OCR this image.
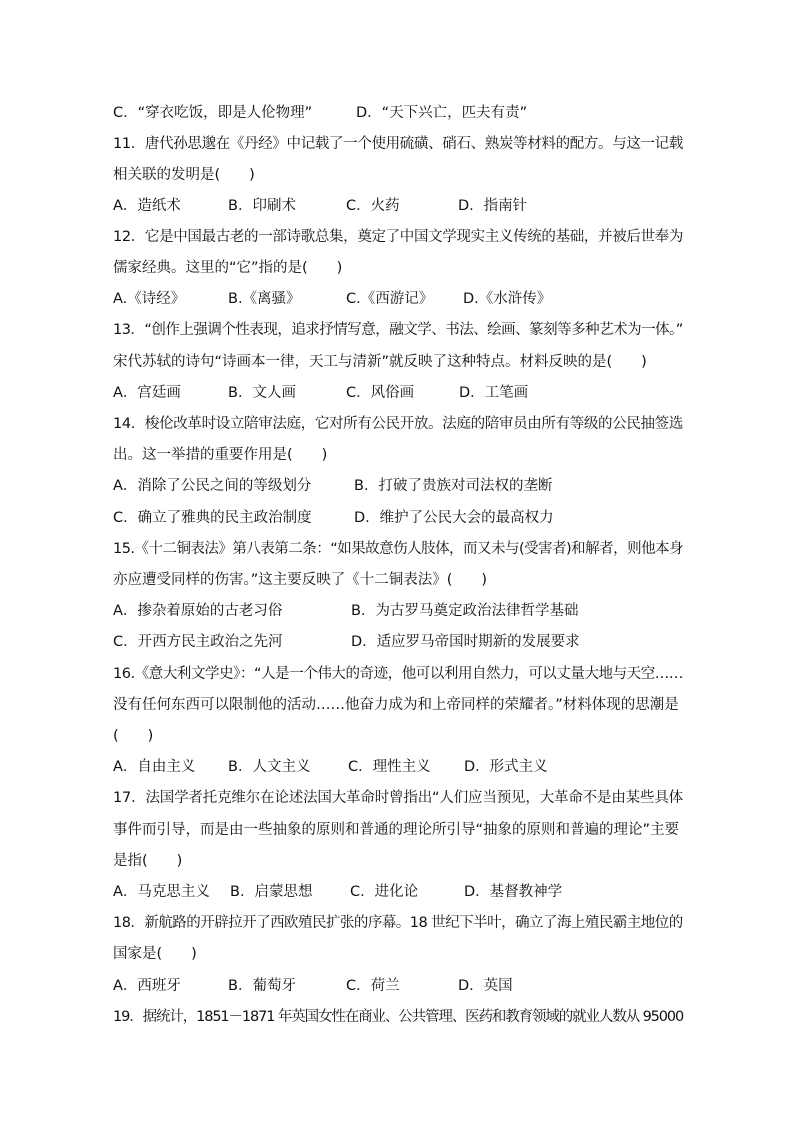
C．“穿衣吃饭，即是人伦物理”	D．“天下兴亡，匹夫有责”
11．唐代孙思邈在《丹经》中记载了一个使用硫磺、硝石、熟炭等材料的配方。与这一记载
相关联的发明是(　　)
A．造纸术	B．印刷术	C．火药	D．指南针
12．它是中国最古老的一部诗歌总集，奠定了中国文学现实主义传统的基础，并被后世奉为
儒家经典。这里的“它”指的是(　　)
A.《诗经》	B.《离骚》	C.《西游记》 D.《水浒传》
13．“创作上强调个性表现，追求抒情写意，融文学、书法、绘画、篆刻等多种艺术为一体。”
宋代苏轼的诗句“诗画本一律，天工与清新”就反映了这种特点。材料反映的是(　　)
A．宫廷画	B．文人画	C．风俗画	D．工笔画
14．梭伦改革时设立陪审法庭，它对所有公民开放。法庭的陪审员由所有等级的公民抽签选
出。这一举措的重要作用是(　　)
A．消除了公民之间的等级划分	B．打破了贵族对司法权的垄断
C．确立了雅典的民主政治制度	D．维护了公民大会的最高权力
15.《十二铜表法》第八表第二条：“如果故意伤人肢体，而又未与(受害者)和解者，则他本身
亦应遭受同样的伤害。”这主要反映了《十二铜表法》(　　)
A．掺杂着原始的古老习俗	B．为古罗马奠定政治法律哲学基础
C．开西方民主政治之先河	D．适应罗马帝国时期新的发展要求
16.《意大利文学史》：“人是一个伟大的奇迹，他可以利用自然力，可以丈量大地与天空……
没有任何东西可以限制他的活动……他奋力成为和上帝同样的荣耀者。”材料体现的思潮是
(　　)
A．自由主义 B．人文主义	C．理性主义 D．形式主义
17．法国学者托克维尔在论述法国大革命时曾指出“人们应当预见，大革命不是由某些具体
事件而引导，而是由一些抽象的原则和普通的理论所引导“抽象的原则和普遍的理论”主要
是指(　　)
A．马克思主义 B．启蒙思想	C．进化论	D．基督教神学
18．新航路的开辟拉开了西欧殖民扩张的序幕。18 世纪下半叶，确立了海上殖民霸主地位的
国家是(　　)
A．西班牙	B．葡萄牙	C．荷兰	D．英国
19．据统计，1851－1871 年英国女性在商业、公共管理、医药和教育领域的就业人数从 95000
